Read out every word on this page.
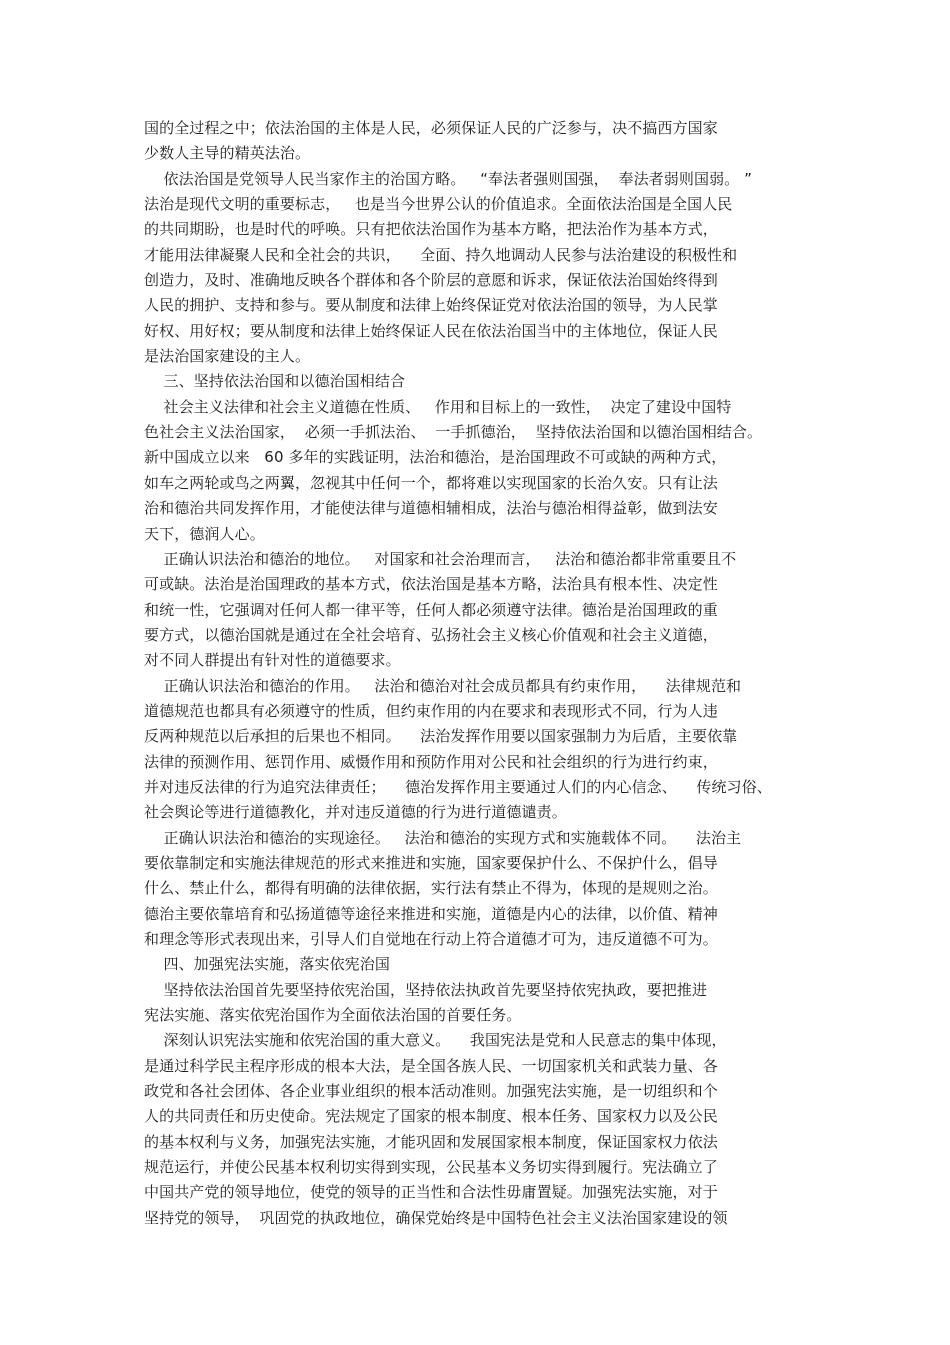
国的全过程之中；依法治国的主体是人民，必须保证人民的广泛参与，决不搞西方国家
少数人主导的精英法治。
依法治国是党领导人民当家作主的治国方略。   “奉法者强则国强，  奉法者弱则国弱。 ”
法治是现代文明的重要标志，   也是当今世界公认的价值追求。全面依法治国是全国人民
的共同期盼，也是时代的呼唤。只有把依法治国作为基本方略，把法治作为基本方式，
才能用法律凝聚人民和全社会的共识，    全面、持久地调动人民参与法治建设的积极性和
创造力，及时、准确地反映各个群体和各个阶层的意愿和诉求，保证依法治国始终得到
人民的拥护、支持和参与。要从制度和法律上始终保证党对依法治国的领导，为人民掌
好权、用好权；要从制度和法律上始终保证人民在依法治国当中的主体地位，保证人民
是法治国家建设的主人。
三、坚持依法治国和以德治国相结合
社会主义法律和社会主义道德在性质、   作用和目标上的一致性，  决定了建设中国特
色社会主义法治国家，  必须一手抓法治、  一手抓德治，  坚持依法治国和以德治国相结合。
新中国成立以来   60 多年的实践证明，法治和德治，是治国理政不可或缺的两种方式，
如车之两轮或鸟之两翼，忽视其中任何一个，都将难以实现国家的长治久安。只有让法
治和德治共同发挥作用，才能使法律与道德相辅相成，法治与德治相得益彰，做到法安
天下，德润人心。
正确认识法治和德治的地位。   对国家和社会治理而言，   法治和德治都非常重要且不
可或缺。法治是治国理政的基本方式，依法治国是基本方略，法治具有根本性、决定性
和统一性，它强调对任何人都一律平等，任何人都必须遵守法律。德治是治国理政的重
要方式，以德治国就是通过在全社会培育、弘扬社会主义核心价值观和社会主义道德，
对不同人群提出有针对性的道德要求。
正确认识法治和德治的作用。   法治和德治对社会成员都具有约束作用，    法律规范和
道德规范也都具有必须遵守的性质，但约束作用的内在要求和表现形式不同，行为人违
反两种规范以后承担的后果也不相同。    法治发挥作用要以国家强制力为后盾，主要依靠
法律的预测作用、惩罚作用、威慑作用和预防作用对公民和社会组织的行为进行约束，
并对违反法律的行为追究法律责任；    德治发挥作用主要通过人们的内心信念、    传统习俗、
社会舆论等进行道德教化，并对违反道德的行为进行道德谴责。
正确认识法治和德治的实现途径。   法治和德治的实现方式和实施载体不同。    法治主
要依靠制定和实施法律规范的形式来推进和实施，国家要保护什么、不保护什么，倡导
什么、禁止什么，都得有明确的法律依据，实行法有禁止不得为，体现的是规则之治。
德治主要依靠培育和弘扬道德等途径来推进和实施，道德是内心的法律，以价值、精神
和理念等形式表现出来，引导人们自觉地在行动上符合道德才可为，违反道德不可为。
四、加强宪法实施，落实依宪治国
坚持依法治国首先要坚持依宪治国，坚持依法执政首先要坚持依宪执政，要把推进
宪法实施、落实依宪治国作为全面依法治国的首要任务。
深刻认识宪法实施和依宪治国的重大意义。    我国宪法是党和人民意志的集中体现，
是通过科学民主程序形成的根本大法，是全国各族人民、一切国家机关和武装力量、各
政党和各社会团体、各企业事业组织的根本活动准则。加强宪法实施，是一切组织和个
人的共同责任和历史使命。宪法规定了国家的根本制度、根本任务、国家权力以及公民
的基本权利与义务，加强宪法实施，才能巩固和发展国家根本制度，保证国家权力依法
规范运行，并使公民基本权利切实得到实现，公民基本义务切实得到履行。宪法确立了
中国共产党的领导地位，使党的领导的正当性和合法性毋庸置疑。加强宪法实施，对于
坚持党的领导，  巩固党的执政地位，确保党始终是中国特色社会主义法治国家建设的领
